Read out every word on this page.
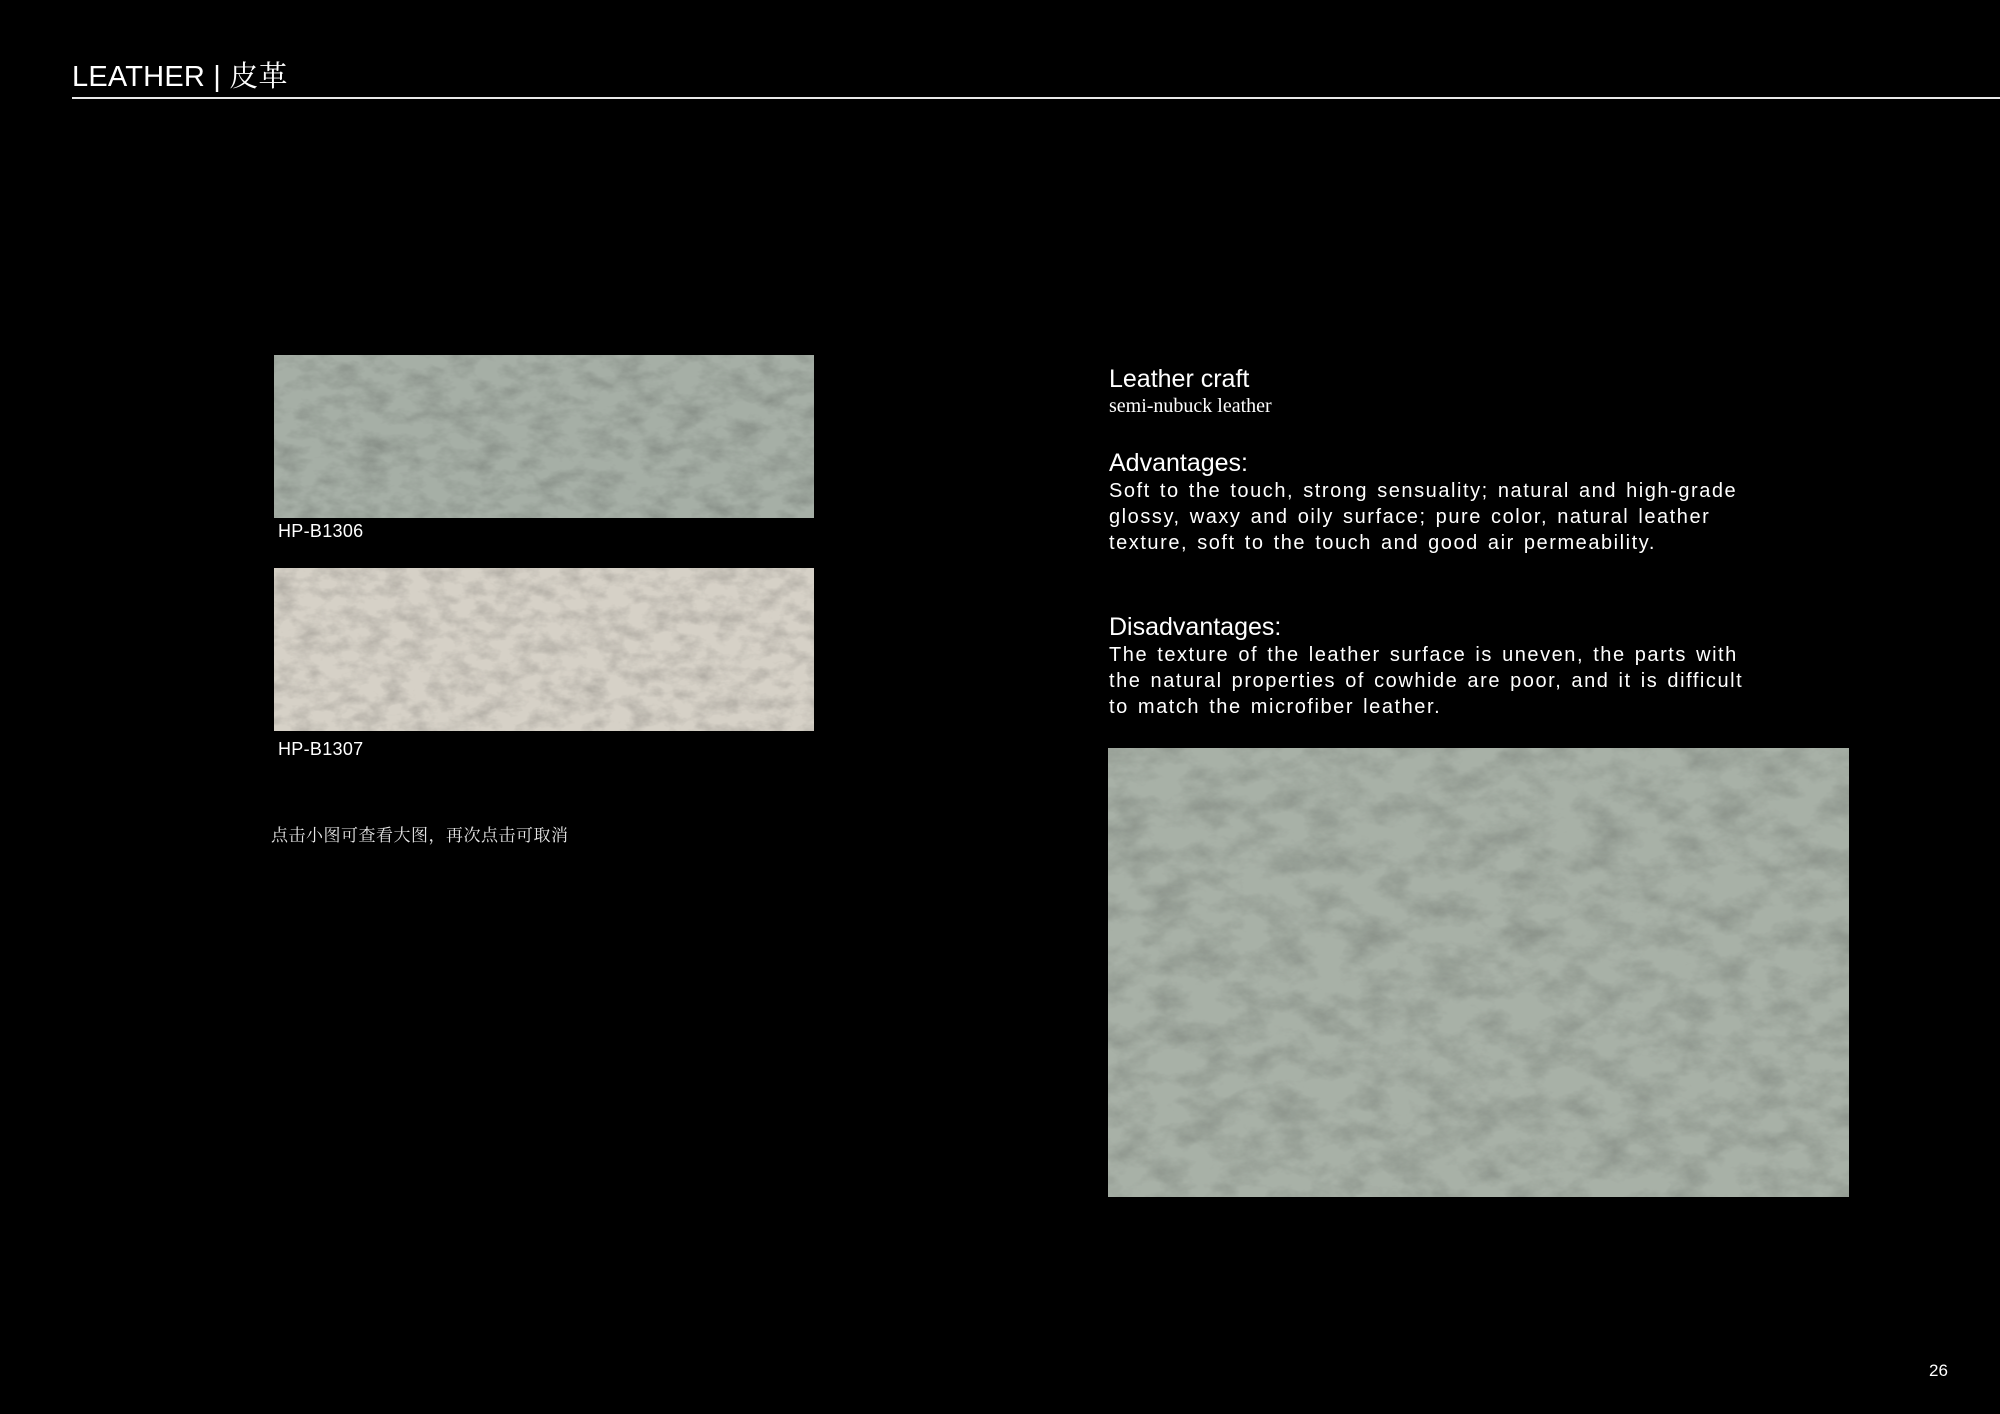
LEATHER | 皮革
HP-B1306
HP-B1307
点击小图可查看大图，再次点击可取消
Leather craft
semi-nubuck leather
Advantages:
Soft to the touch, strong sensuality; natural and high-grade glossy, waxy and oily surface; pure color, natural leather texture, soft to the touch and good air permeability.
Disadvantages:
The texture of the leather surface is uneven, the parts with the natural properties of cowhide are poor, and it is difficult to match the microfiber leather.
26
